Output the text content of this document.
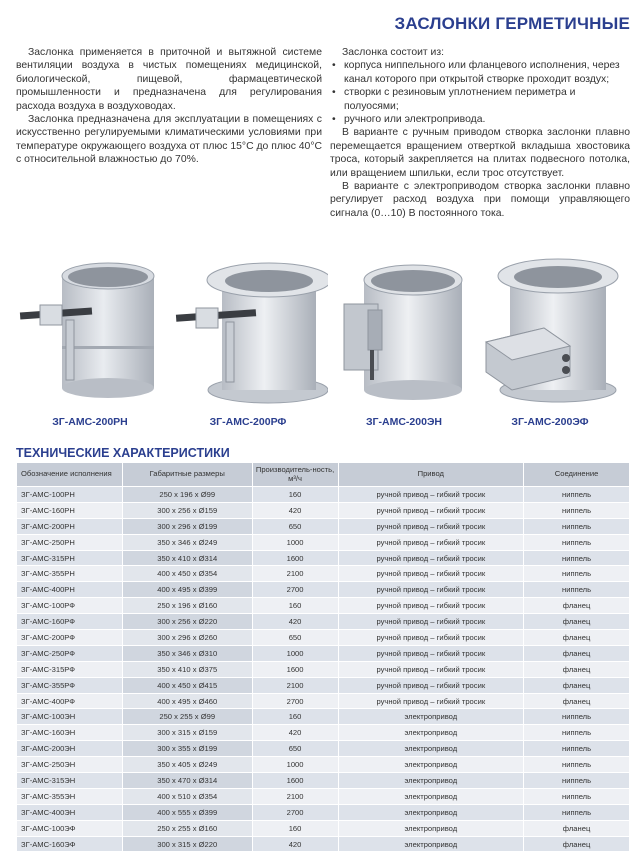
ЗАСЛОНКИ ГЕРМЕТИЧНЫЕ

Заслонка применяется в приточной и вытяжной системе вентиляции воздуха в чистых помещениях медицинской, биологической, пищевой, фармацевтической промышленности и предназначена для регулирования расхода воздуха в воздуховодах.

Заслонка предназначена для эксплуатации в помещениях с искусственно регулируемыми климатическими условиями при температуре окружающего воздуха от плюс 15°С до плюс 40°С с относительной влажностью до 70%.

Заслонка состоит из:

• корпуса ниппельного или фланцевого исполнения, через канал которого при открытой створке проходит воздух;
• створки с резиновым уплотнением периметра и полуосями;
• ручного или электропривода.

В варианте с ручным приводом створка заслонки плавно перемещается вращением отверткой вкладыша хвостовика троса, который закрепляется на плитах подвесного потолка, или вращением шпильки, если трос отсутствует.

В варианте с электроприводом створка заслонки плавно регулирует расход воздуха при помощи управляющего сигнала (0…10) В постоянного тока.

ЗГ-АМС-200РН	ЗГ-АМС-200РФ	ЗГ-АМС-200ЭН	ЗГ-АМС-200ЭФ
ТЕХНИЧЕСКИЕ ХАРАКТЕРИСТИКИ
Обозначение исполнения	Габаритные размеры	Производитель-ность, м³/ч	Привод	Соединение
ЗГ-АМС-100РН	250 x 196 x Ø99	160	ручной привод – гибкий тросик	ниппель
ЗГ-АМС-160РН	300 x 256 x Ø159	420	ручной привод – гибкий тросик	ниппель
ЗГ-АМС-200РН	300 x 296 x Ø199	650	ручной привод – гибкий тросик	ниппель
ЗГ-АМС-250РН	350 x 346 x Ø249	1000	ручной привод – гибкий тросик	ниппель
ЗГ-АМС-315РН	350 x 410 x Ø314	1600	ручной привод – гибкий тросик	ниппель
ЗГ-АМС-355РН	400 x 450 x Ø354	2100	ручной привод – гибкий тросик	ниппель
ЗГ-АМС-400РН	400 x 495 x Ø399	2700	ручной привод – гибкий тросик	ниппель
ЗГ-АМС-100РФ	250 x 196 x Ø160	160	ручной привод – гибкий тросик	фланец
ЗГ-АМС-160РФ	300 x 256 x Ø220	420	ручной привод – гибкий тросик	фланец
ЗГ-АМС-200РФ	300 x 296 x Ø260	650	ручной привод – гибкий тросик	фланец
ЗГ-АМС-250РФ	350 x 346 x Ø310	1000	ручной привод – гибкий тросик	фланец
ЗГ-АМС-315РФ	350 x 410 x Ø375	1600	ручной привод – гибкий тросик	фланец
ЗГ-АМС-355РФ	400 x 450 x Ø415	2100	ручной привод – гибкий тросик	фланец
ЗГ-АМС-400РФ	400 x 495 x Ø460	2700	ручной привод – гибкий тросик	фланец
ЗГ-АМС-100ЭН	250 x 255 x Ø99	160	электропривод	ниппель
ЗГ-АМС-160ЭН	300 x 315 x Ø159	420	электропривод	ниппель
ЗГ-АМС-200ЭН	300 x 355 x Ø199	650	электропривод	ниппель
ЗГ-АМС-250ЭН	350 x 405 x Ø249	1000	электропривод	ниппель
ЗГ-АМС-315ЭН	350 x 470 x Ø314	1600	электропривод	ниппель
ЗГ-АМС-355ЭН	400 x 510 x Ø354	2100	электропривод	ниппель
ЗГ-АМС-400ЭН	400 x 555 x Ø399	2700	электропривод	ниппель
ЗГ-АМС-100ЭФ	250 x 255 x Ø160	160	электропривод	фланец
ЗГ-АМС-160ЭФ	300 x 315 x Ø220	420	электропривод	фланец
